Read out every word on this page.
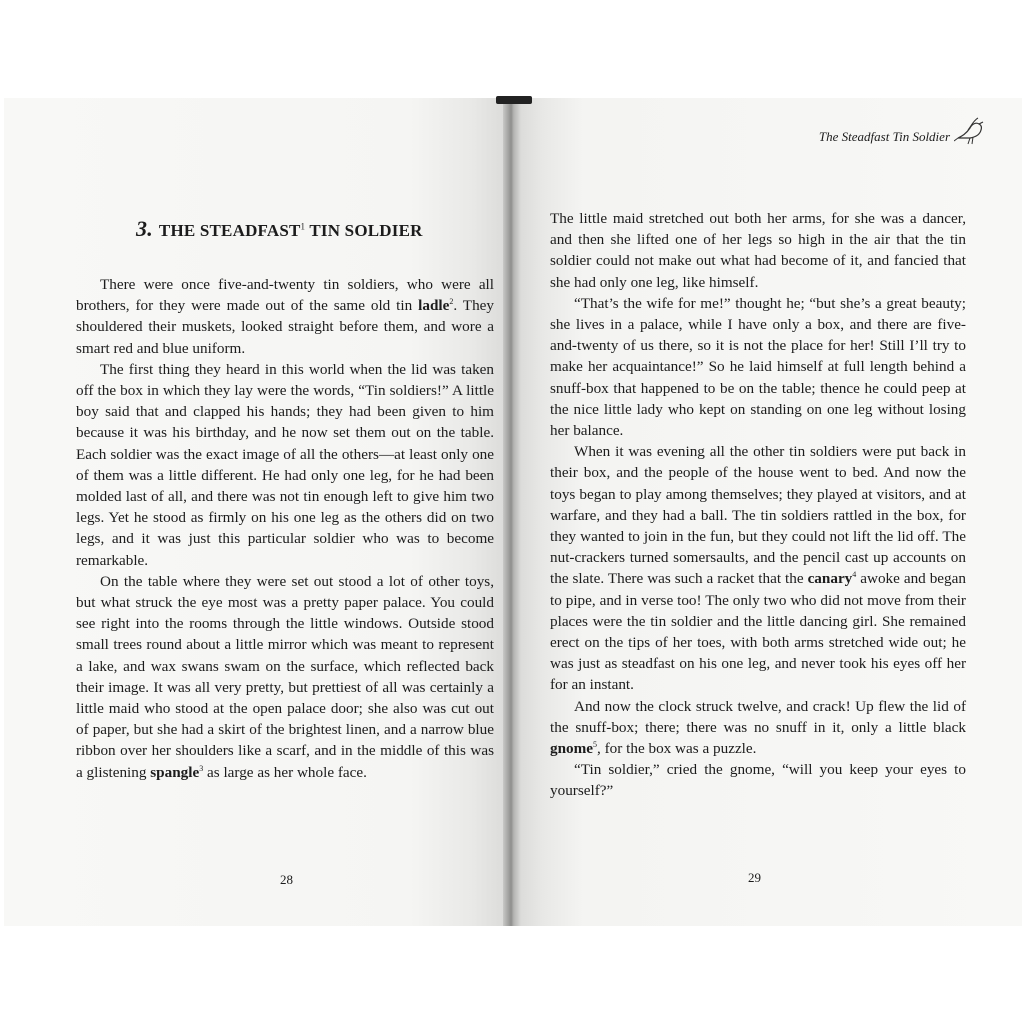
3. THE STEADFAST$^1$ TIN SOLDIER

There were once five-and-twenty tin soldiers, who were all brothers, for they were made out of the same old tin ladle$^2$. They shouldered their muskets, looked straight before them, and wore a smart red and blue uniform.

The first thing they heard in this world when the lid was taken off the box in which they lay were the words, “Tin soldiers!” A little boy said that and clapped his hands; they had been given to him because it was his birthday, and he now set them out on the table. Each soldier was the exact image of all the others—at least only one of them was a little different. He had only one leg, for he had been molded last of all, and there was not tin enough left to give him two legs. Yet he stood as firmly on his one leg as the others did on two legs, and it was just this particular soldier who was to become remarkable.

On the table where they were set out stood a lot of other toys, but what struck the eye most was a pretty paper palace. You could see right into the rooms through the little windows. Outside stood small trees round about a little mirror which was meant to represent a lake, and wax swans swam on the surface, which reflected back their image. It was all very pretty, but prettiest of all was certainly a little maid who stood at the open palace door; she also was cut out of paper, but she had a skirt of the brightest linen, and a narrow blue ribbon over her shoulders like a scarf, and in the middle of this was a glistening spangle$^3$ as large as her whole face.

28
The Steadfast Tin Soldier

The little maid stretched out both her arms, for she was a dancer, and then she lifted one of her legs so high in the air that the tin soldier could not make out what had become of it, and fancied that she had only one leg, like himself.

“That’s the wife for me!” thought he; “but she’s a great beauty; she lives in a palace, while I have only a box, and there are five-and-twenty of us there, so it is not the place for her! Still I’ll try to make her acquaintance!” So he laid himself at full length behind a snuff-box that happened to be on the table; thence he could peep at the nice little lady who kept on standing on one leg without losing her balance.

When it was evening all the other tin soldiers were put back in their box, and the people of the house went to bed. And now the toys began to play among themselves; they played at visitors, and at warfare, and they had a ball. The tin soldiers rattled in the box, for they wanted to join in the fun, but they could not lift the lid off. The nut-crackers turned somersaults, and the pencil cast up accounts on the slate. There was such a racket that the canary$^4$ awoke and began to pipe, and in verse too! The only two who did not move from their places were the tin soldier and the little dancing girl. She remained erect on the tips of her toes, with both arms stretched wide out; he was just as steadfast on his one leg, and never took his eyes off her for an instant.

And now the clock struck twelve, and crack! Up flew the lid of the snuff-box; there; there was no snuff in it, only a little black gnome$^5$, for the box was a puzzle.

“Tin soldier,” cried the gnome, “will you keep your eyes to yourself?”

29
